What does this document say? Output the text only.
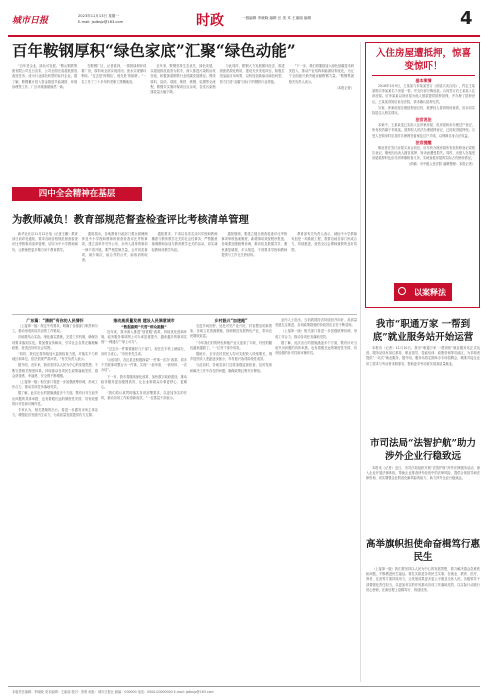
城市日报	2023年11月13日 星期一
E-mail: jsdbsjz@163.com	时政	一版编辑 李晓晓 编辑 汪 美 术 王丽丽 编辑	4
百年鞍钢厚积“绿色家底”汇聚“绿色动能”

“百年老企业，绿色可发展。”鞍山钢铁集团有限公司近日宣布，公司全面完成超低排放改造任务，成为行业绿色转型的标杆企业。据了解，鞍钢累计投入资金推进节能减排、环境治理等工作，厂区环境面貌焕然一新。

在鞍钢厂区，记者看到，一排排绿树环绕着厂房，原料场全部实现封闭，废水实现循环利用。“过去是‘傍烟囱’，现在是‘傍绿荫’。”一名工作了三十多年的老职工感慨地说。

近年来，鞍钢坚持生态优先、绿色发展，以超低排放改造为抓手，深入推进污染防治攻坚战，积极探索钢铁行业低碳发展路径。围绕原料、烧结、球团、炼铁、炼钢、轧钢等全流程，鞍钢共实施环保项目百余项，各类污染物排放量大幅下降。

与此同时，鞍钢大力发展循环经济，推进固废资源化利用，建设光伏发电项目，积极打造氢能应用场景，以科技创新驱动绿色转型，努力打造“双碳”目标下的钢铁行业样板。

“下一步，我们将继续加大绿色低碳技术研发投入，推动产业结构和能源结构优化，为辽宁全面振兴新突破贡献鞍钢力量。”鞍钢集团相关负责人表示。

（本报记者）

四中全会精神在基层
入住房屋遭抵押，惊喜变惊吓！
基本案情

2018年5月9日，王某某与李某某签订《房屋买卖合同》，约定王某某购买李某某名下房屋一套，并支付部分购房款。合同签订后王某某入住该房屋。后李某某以该房屋为他人借款提供抵押担保，并办理了抵押登记。王某某得知后诉至法院，请求确认抵押无效。

另查，涉案房屋办理抵押登记时，抵押权人曾到现场查看，但未向实际居住人核实情况。

法官说法

本案中，王某某虽已实际入住涉案房屋，但房屋尚未办理过户登记，所有权仍属于李某某。抵押权人依法办理抵押登记，已经取得抵押权。买受人在购房时应及时办理网签备案及过户手续，以保障自身合法权益。

法官提醒

购房者在签订房屋买卖合同后，应尽快办理房屋所有权转移登记或预告登记，避免因出卖人擅自抵押、转卖而遭受损失。同时，出借人在接受房屋抵押时也应尽到审慎核查义务，实地查看房屋的实际占有使用情况。

（供稿：市中级人民法院 编辑整理：本报记者）

以案释法
为教师减负！教育部规范督查检查评比考核清单管理

新华社北京11月12日电（记者王鹏）教育部日前印发通知，要求各地各校规范督查检查评比考核事项清单管理，切实为中小学教师减负，让教师把更多精力用于教育教学。

通知指出，各地教育行政部门要全面梳理涉及中小学校和教师的督查检查评比考核事项，建立清单并对外公布，未列入清单的事项一律不得开展。要严格控制总量，合并同类事项，减少频次，能合并的合并，能取消的取消。

通知要求，不得以各类名目向学校和教师摊派与教育教学无关的社会性事务，严禁随意抽调教师参加与教育教学无关的活动，切实减轻教师非教学负担。

通知强调，要建立健全督查检查评比考核事项审核备案制度，新增事项须按程序报批。各地要加强统筹协调，推动信息数据共享，避免重复填报、多头报送，不得要求学校和教师提供与工作无关的材料。

教育部有关负责人表示，减轻中小学教师负担是一项系统工程，需要各地各部门形成合力，持续推进，营造全社会尊师重教的良好氛围。

广东篇：“清朗”有你的人民情怀

（上接第一版）规定中有要求，明确了各级部门职责和分工，推动形成协同共治的工作格局。

各地要结合实际，细化落实措施，完善工作机制，确保各项要求落到实处。要加强宣传解读，引导社会各界正确理解政策，营造良好的社会氛围。

“同时，我们还将持续加大监督检查力度，对落实不力的地区和单位，依法依规严肃问责。”有关负责人表示。

据介绍，近年来，我省坚持以人民为中心的发展思想，不断完善相关制度体系，持续推动各项民生政策落地见效，群众获得感、幸福感、安全感不断增强。

（上接第一版）相关部门将进一步加强统筹协调，形成工作合力，推动各项任务落地见效。

据了解，此次出台的措施涵盖多个方面，既有针对当前突出问题的具体举措，也有着眼长远的制度性安排，具有较强的针对性和可操作性。

专家认为，相关措施的出台，将进一步激发市场主体活力，增强经济发展内生动力，为高质量发展提供有力支撑。

推动高质量发展 建设人民满意城市
“数据跑路”代替“群众跑腿”

近年来，我市深入推进“放管服”改革，持续优化营商环境，政务服务事项网上可办率显著提升，越来越多的事项实现“一网通办”“掌上可办”。

“过去办一件事要跑好几个部门，现在在手机上就能办，省时又省心。”市民李先生说。

与此同时，各区县还积极探索“一件事一次办”改革，将多个关联事项整合为一件事，实现“一表申请、一套材料、一次办结”。

下一步，我市将继续深化改革，加快数字政府建设，推动政务服务更加便捷高效，让企业和群众办事更舒心、更顺心。

“我们将认真贯彻落实各项部署要求，以更加务实的作风，推动各项工作取得新成效。”一位基层干部表示。

乡村振兴“加速跑”

走进乡间田野，处处可见产业兴旺、村容整洁的新景象。各地立足资源禀赋，因地制宜发展特色产业，带动农民增收致富。

“今年我们村的特色种植产业又迎来了丰收，村民的腰包越来越鼓了。”一位村干部介绍说。

据统计，全市农村居民人均可支配收入持续增长，城乡居民收入差距逐步缩小，乡村振兴取得阶段性成效。

与此同时，各地各部门还将加强监督检查，及时发现和解决工作中存在的问题，确保政策红利充分释放。

业内人士指出，当前我国经济持续回升向好，高质量发展扎实推进，各项政策措施的协同效应正在不断显现。

（上接第一版）相关部门将进一步加强统筹协调，形成工作合力，推动各项任务落地见效。

据了解，此次出台的措施涵盖多个方面，既有针对当前突出问题的具体举措，也有着眼长远的制度性安排，具有较强的针对性和可操作性。

我市“职通万家 一帮到底”就业服务站开始运营

本报讯（记者）11月10日，我市“职通万家 一帮到底”就业服务站正式运营。服务站设有岗位推荐、职业指导、技能培训、政策咨询等功能区，为求职者提供“一站式”就业服务。据介绍，服务站将定期举办专场招聘会，精准对接企业用工需求与劳动者求职需求，帮助更多劳动者实现高质量就业。

市司法局“法智护航”助力涉外企业行稳致远

本报讯（记者）近日，市司法局组织开展“法智护航”涉外法律服务活动，深入企业开展法律体检，帮助企业排查涉外经营中的法律风险，提供合规指导和法律咨询，切实增强企业防范化解风险的能力，助力涉外企业行稳致远。

高举旗帜担使命奋楫笃行惠民生

（上接第一版）我们要坚持以人民为中心的发展思想，着力解决群众急难愁盼问题，不断增进民生福祉。要扎实推进各项民生实事，在就业、教育、医疗、养老、住房等方面持续用力，让发展成果更多更公平惠及全体人民。各级领导干部要强化责任担当，以更加务实的作风推动各项工作落地见效，以实际行动践行初心使命，在新征程上奋楫笃行、再创佳绩。

本版责任编辑：李晓晓 美术编辑：王丽丽 校对：张明 地址：城市日报社 邮编：000000 电话：0000-00000000 E-mail: jsdbsjz@163.com
